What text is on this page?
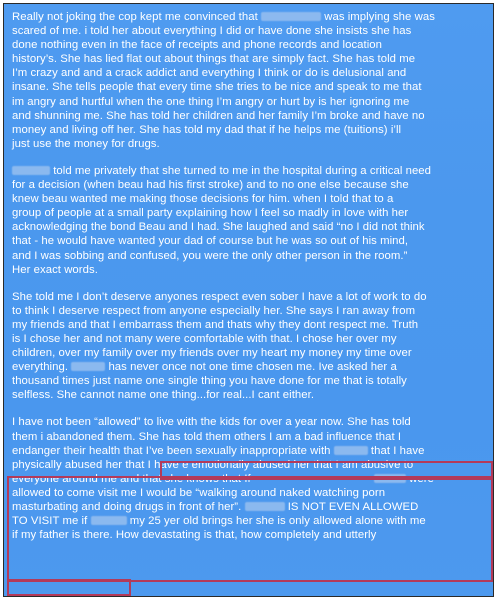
Really not joking the cop kept me convinced that	was implying she was
scared of me. i told her about everything I did or have done she insists she has
done nothing even in the face of receipts and phone records and location
history’s. She has lied flat out about things that are simply fact. She has told me
I’m crazy and and a crack addict and everything I think or do is delusional and
insane. She tells people that every time she tries to be nice and speak to me that
im angry and hurtful when the one thing I’m angry or hurt by is her ignoring me
and shunning me. She has told her children and her family I’m broke and have no
money and living off her. She has told my dad that if he helps me (tuitions) i’ll
just use the money for drugs.

told me privately that she turned to me in the hospital during a critical need
for a decision (when beau had his first stroke) and to no one else because she
knew beau wanted me making those decisions for him. when I told that to a
group of people at a small party explaining how I feel so madly in love with her
acknowledging the bond Beau and I had. She laughed and said “no I did not think
that - he would have wanted your dad of course but he was so out of his mind,
and I was sobbing and confused, you were the only other person in the room.”
Her exact words.

She told me I don’t deserve anyones respect even sober I have a lot of work to do
to think I deserve respect from anyone especially her. She says I ran away from
my friends and that I embarrass them and thats why they dont respect me. Truth
is I chose her and not many were comfortable with that. I chose her over my
children, over my family over my friends over my heart my money my time over
everything.	has never once not one time chosen me. Ive asked her a
thousand times just name one single thing you have done for me that is totally
selfless. She cannot name one thing...for real...I cant either.

I have not been “allowed” to live with the kids for over a year now. She has told
them i abandoned them. She has told them others I am a bad influence that I
endanger their health that I’ve been sexually inappropriate with	that I have
physically abused her that I have e emotionally abused her that I am abusive to
everyone around me and that she knows that If	were
allowed to come visit me I would be “walking around naked watching porn
masturbating and doing drugs in front of her”.	IS NOT EVEN ALLOWED
TO VISIT me if	my 25 yer old brings her she is only allowed alone with me
if my father is there. How devastating is that, how completely and utterly
